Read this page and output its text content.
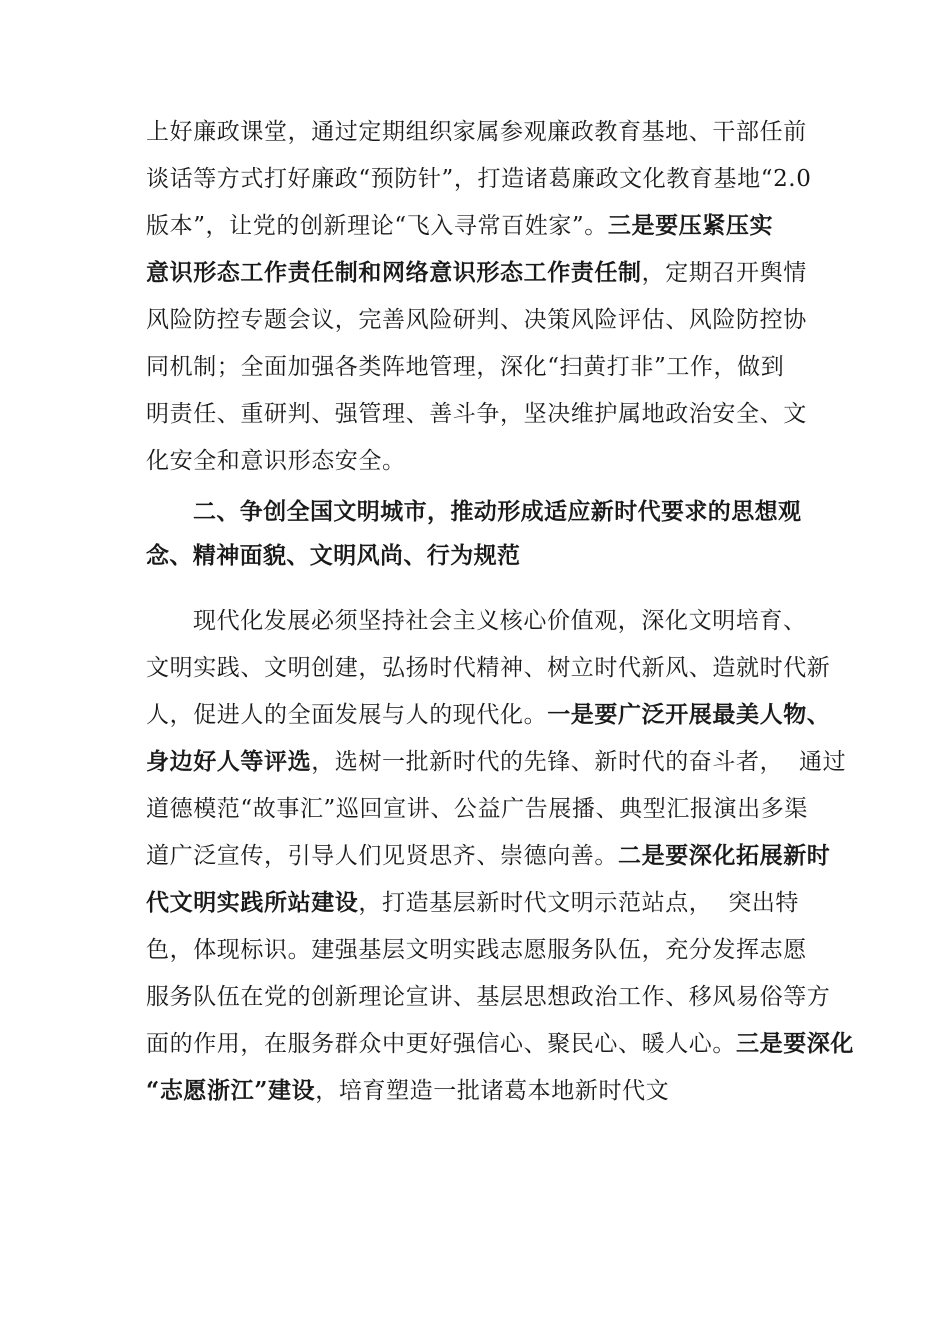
上好廉政课堂，通过定期组织家属参观廉政教育基地、干部任前
谈话等方式打好廉政“预防针”，打造诸葛廉政文化教育基地“2.0
版本”，让党的创新理论“飞入寻常百姓家”。三是要压紧压实
意识形态工作责任制和网络意识形态工作责任制，定期召开舆情
风险防控专题会议，完善风险研判、决策风险评估、风险防控协
同机制；全面加强各类阵地管理，深化“扫黄打非”工作，做到
明责任、重研判、强管理、善斗争，坚决维护属地政治安全、文
化安全和意识形态安全。
二、争创全国文明城市，推动形成适应新时代要求的思想观
念、精神面貌、文明风尚、行为规范
现代化发展必须坚持社会主义核心价值观，深化文明培育、
文明实践、文明创建，弘扬时代精神、树立时代新风、造就时代新
人，促进人的全面发展与人的现代化。一是要广泛开展最美人物、
身边好人等评选，选树一批新时代的先锋、新时代的奋斗者，  通过
道德模范“故事汇”巡回宣讲、公益广告展播、典型汇报演出多渠
道广泛宣传，引导人们见贤思齐、崇德向善。二是要深化拓展新时
代文明实践所站建设，打造基层新时代文明示范站点，  突出特
色，体现标识。建强基层文明实践志愿服务队伍，充分发挥志愿
服务队伍在党的创新理论宣讲、基层思想政治工作、移风易俗等方
面的作用，在服务群众中更好强信心、聚民心、暖人心。三是要深化
“志愿浙江”建设，培育塑造一批诸葛本地新时代文
